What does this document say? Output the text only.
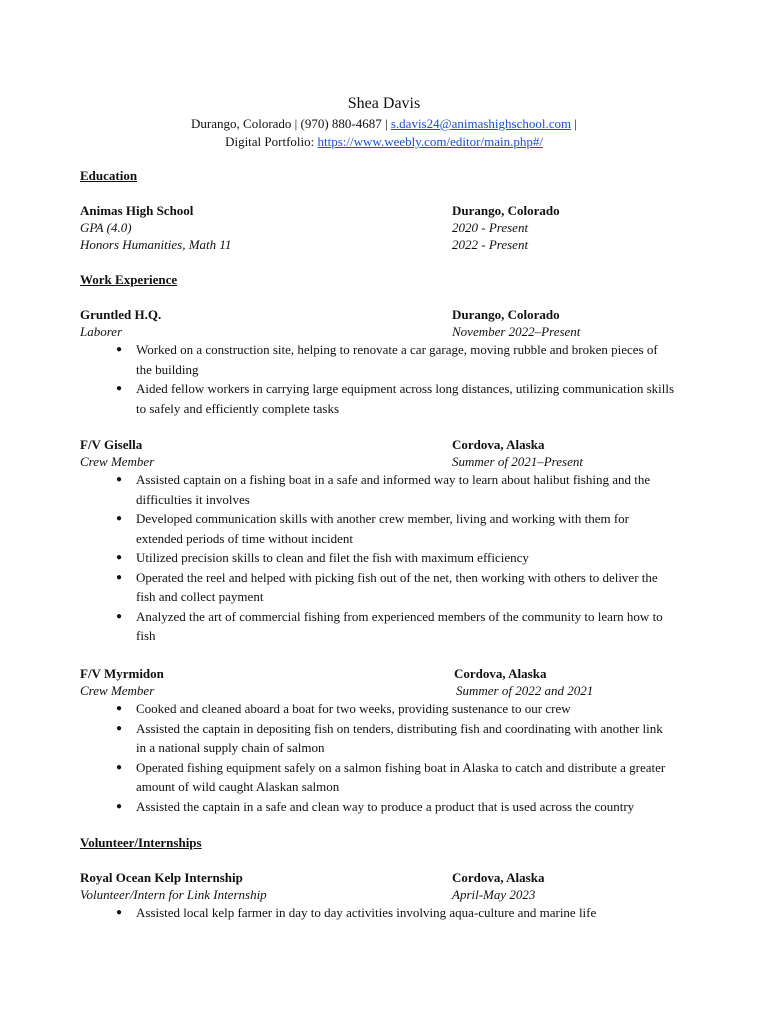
Shea Davis
Durango, Colorado | (970) 880-4687 | s.davis24@animashighschool.com |
Digital Portfolio: https://www.weebly.com/editor/main.php#/
Education
Animas High School	Durango, Colorado
GPA (4.0)	2020 - Present
Honors Humanities, Math 11	2022 - Present
Work Experience
Gruntled H.Q.	Durango, Colorado
Laborer	November 2022–Present
● Worked on a construction site, helping to renovate a car garage, moving rubble and broken pieces of the building
● Aided fellow workers in carrying large equipment across long distances, utilizing communication skills to safely and efficiently complete tasks
F/V Gisella	Cordova, Alaska
Crew Member	Summer of 2021–Present
● Assisted captain on a fishing boat in a safe and informed way to learn about halibut fishing and the difficulties it involves
● Developed communication skills with another crew member, living and working with them for extended periods of time without incident
● Utilized precision skills to clean and filet the fish with maximum efficiency
● Operated the reel and helped with picking fish out of the net, then working with others to deliver the fish and collect payment
● Analyzed the art of commercial fishing from experienced members of the community to learn how to fish
F/V Myrmidon	Cordova, Alaska
Crew Member	Summer of 2022 and 2021
● Cooked and cleaned aboard a boat for two weeks, providing sustenance to our crew
● Assisted the captain in depositing fish on tenders, distributing fish and coordinating with another link in a national supply chain of salmon
● Operated fishing equipment safely on a salmon fishing boat in Alaska to catch and distribute a greater amount of wild caught Alaskan salmon
● Assisted the captain in a safe and clean way to produce a product that is used across the country
Volunteer/Internships
Royal Ocean Kelp Internship	Cordova, Alaska
Volunteer/Intern for Link Internship	April-May 2023
● Assisted local kelp farmer in day to day activities involving aqua-culture and marine life
